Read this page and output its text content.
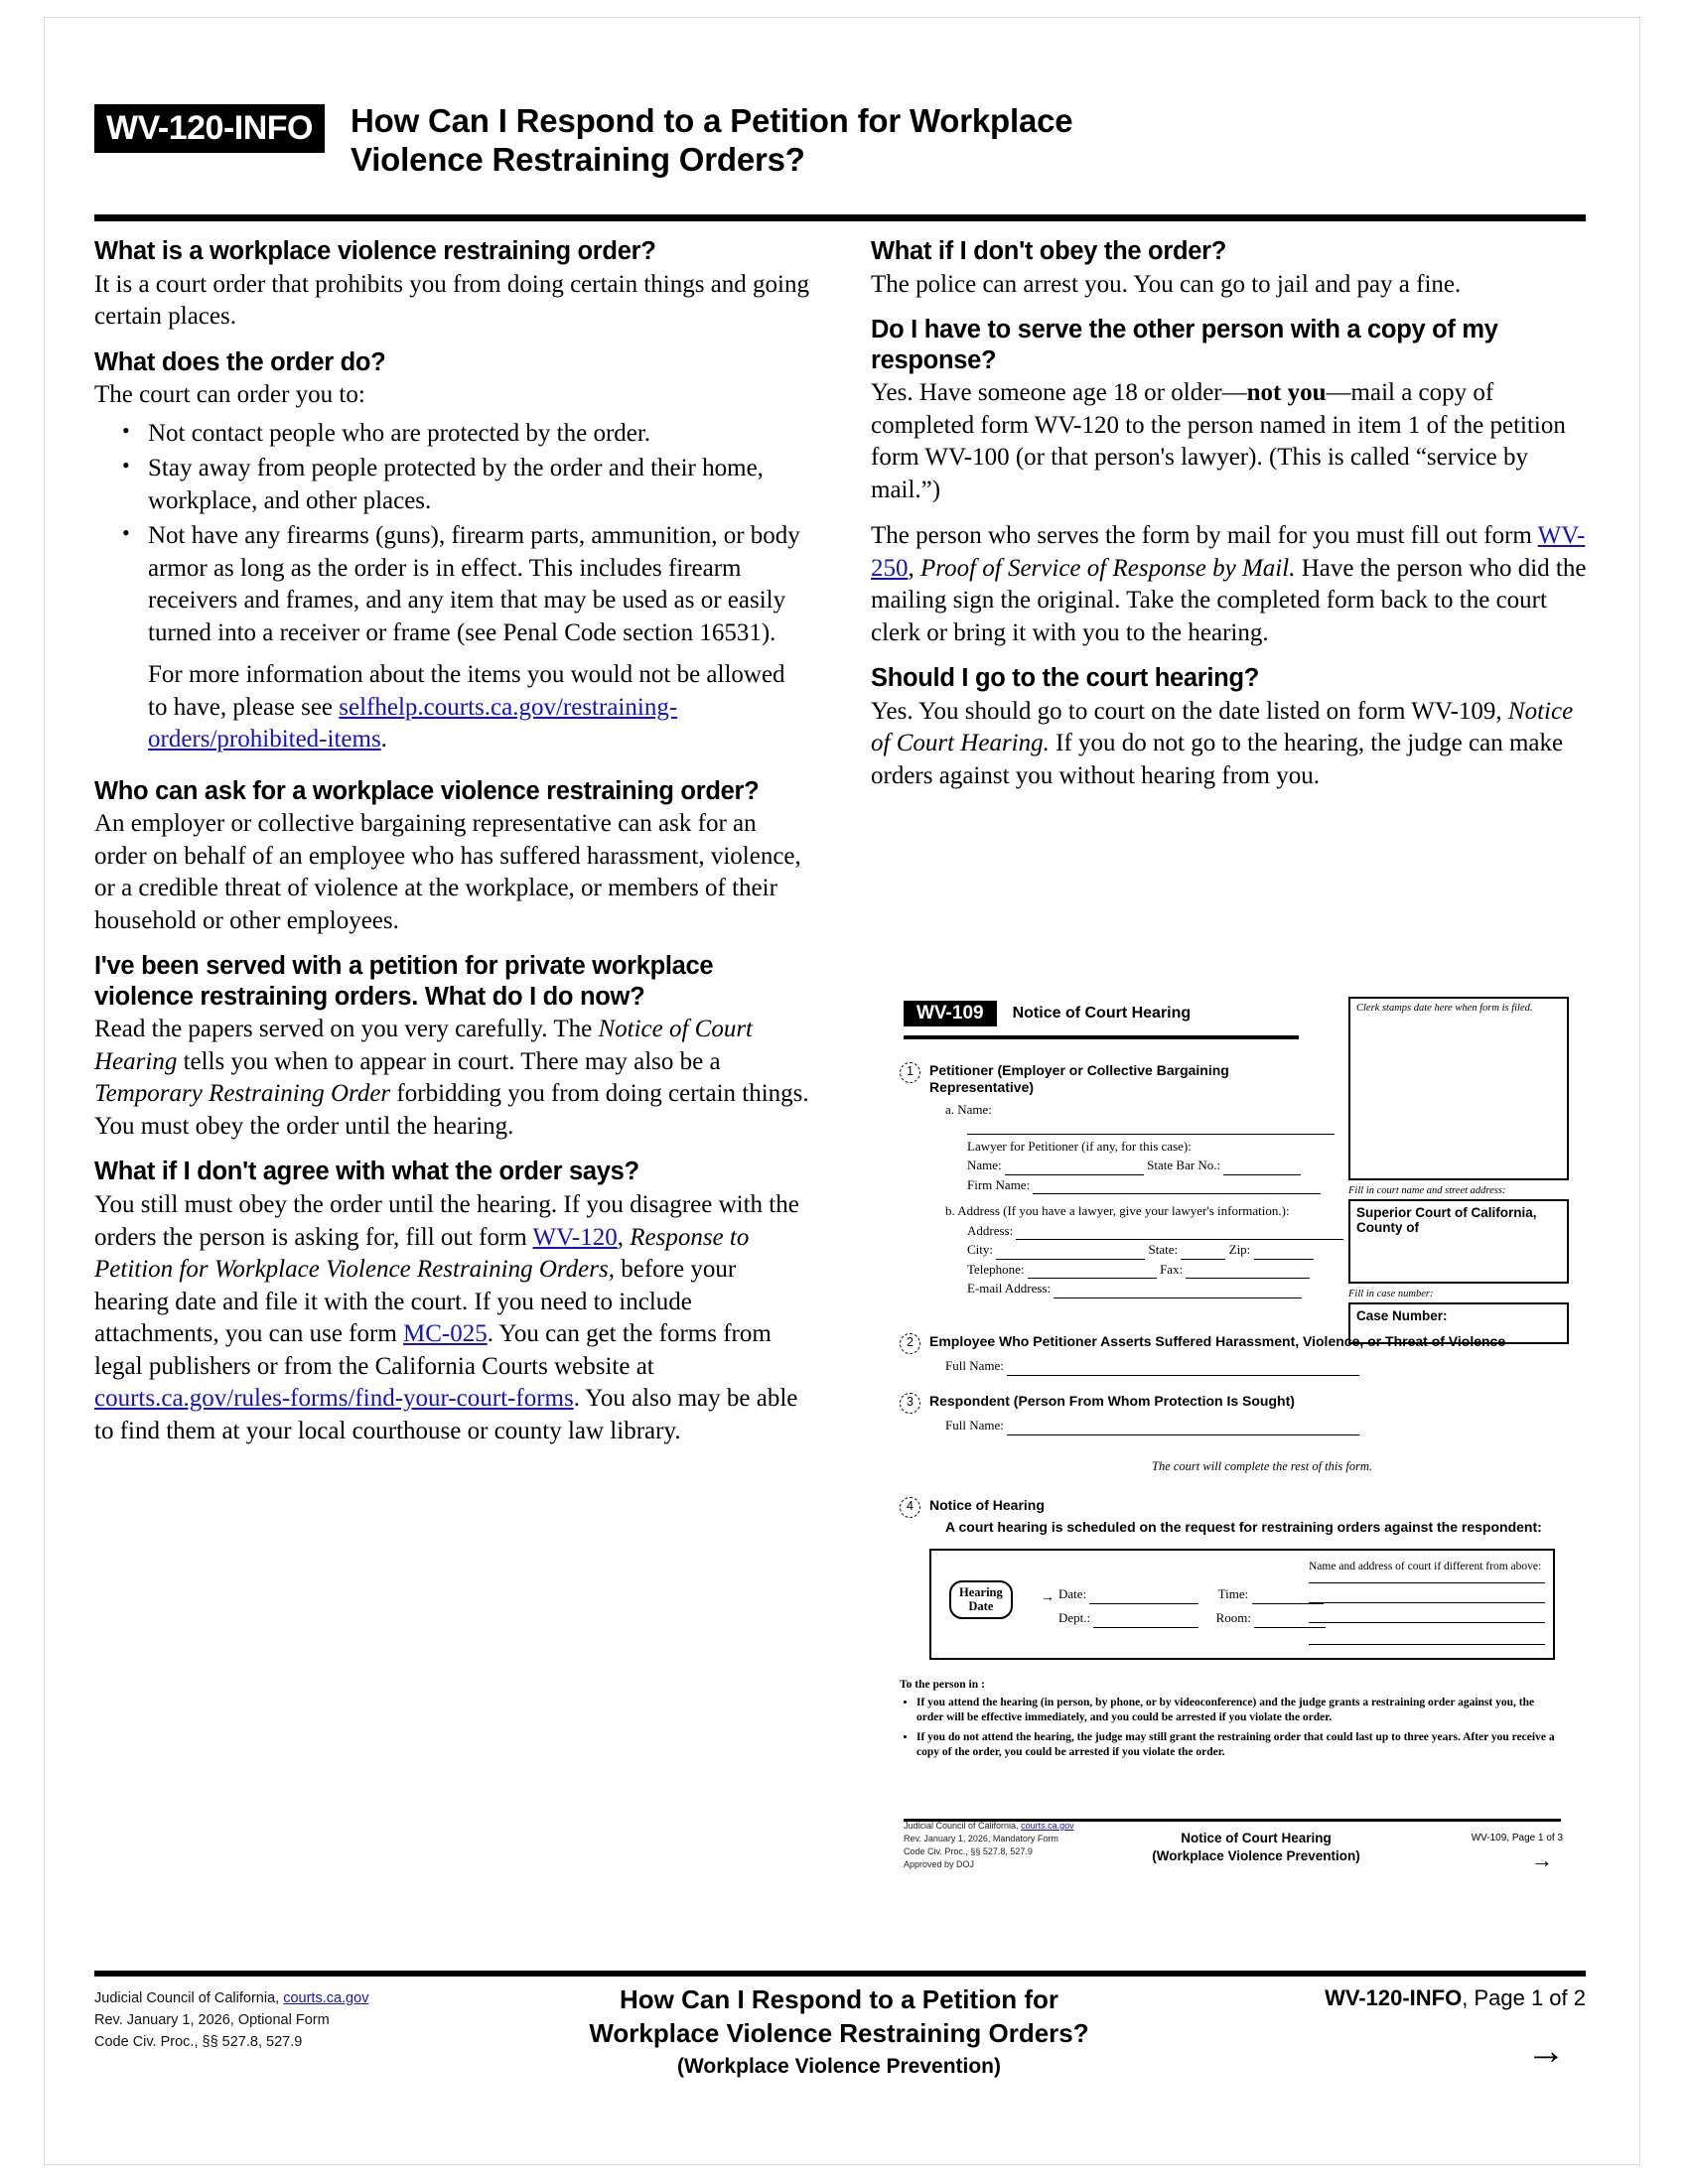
WV-120-INFO	How Can I Respond to a Petition for Workplace
Violence Restraining Orders?
What is a workplace violence restraining order?

It is a court order that prohibits you from doing certain things and going certain places.

What does the order do?

The court can order you to:

• Not contact people who are protected by the order.
• Stay away from people protected by the order and their home, workplace, and other places.
• Not have any firearms (guns), firearm parts, ammunition, or body armor as long as the order is in effect. This includes firearm receivers and frames, and any item that may be used as or easily turned into a receiver or frame (see Penal Code section 16531).
For more information about the items you would not be allowed to have, please see selfhelp.courts.ca.gov/restraining-orders/prohibited-items.
Who can ask for a workplace violence restraining order?

An employer or collective bargaining representative can ask for an order on behalf of an employee who has suffered harassment, violence, or a credible threat of violence at the workplace, or members of their household or other employees.

I've been served with a petition for private workplace violence restraining orders. What do I do now?

Read the papers served on you very carefully. The Notice of Court Hearing tells you when to appear in court. There may also be a Temporary Restraining Order forbidding you from doing certain things. You must obey the order until the hearing.

What if I don't agree with what the order says?

You still must obey the order until the hearing. If you disagree with the orders the person is asking for, fill out form WV-120, Response to Petition for Workplace Violence Restraining Orders, before your hearing date and file it with the court. If you need to include attachments, you can use form MC-025. You can get the forms from legal publishers or from the California Courts website at courts.ca.gov/rules-forms/find-your-court-forms. You also may be able to find them at your local courthouse or county law library.

What if I don't obey the order?

The police can arrest you. You can go to jail and pay a fine.

Do I have to serve the other person with a copy of my response?

Yes. Have someone age 18 or older—not you—mail a copy of completed form WV-120 to the person named in item 1 of the petition form WV-100 (or that person's lawyer). (This is called “service by mail.”)

The person who serves the form by mail for you must fill out form WV-250, Proof of Service of Response by Mail. Have the person who did the mailing sign the original. Take the completed form back to the court clerk or bring it with you to the hearing.

Should I go to the court hearing?

Yes. You should go to court on the date listed on form WV-109, Notice of Court Hearing. If you do not go to the hearing, the judge can make orders against you without hearing from you.

WV-109	Notice of Court Hearing	Clerk stamps date here when form is filed.
Fill in court name and street address:
Superior Court of California, County of
Fill in case number:
Case Number:
1	Petitioner (Employer or Collective Bargaining
Representative)
a. Name:
Lawyer for Petitioner (if any, for this case):
Name:	State Bar No.:
Firm Name:
b. Address (If you have a lawyer, give your lawyer's information.):
Address:
City:	State:	Zip:
Telephone:	Fax:
E-mail Address:
2	Employee Who Petitioner Asserts Suffered Harassment, Violence, or Threat of Violence
Full Name:
3	Respondent (Person From Whom Protection Is Sought)
Full Name:
The court will complete the rest of this form.
4	Notice of Hearing
A court hearing is scheduled on the request for restraining orders against the respondent:
Hearing
Date
→ Date:	Time:
Dept.:	Room:
Name and address of court if different from above:
To the person in :
• If you attend the hearing (in person, by phone, or by videoconference) and the judge grants a restraining order against you, the order will be effective immediately, and you could be arrested if you violate the order.
• If you do not attend the hearing, the judge may still grant the restraining order that could last up to three years. After you receive a copy of the order, you could be arrested if you violate the order.
Judicial Council of California, courts.ca.gov
Rev. January 1, 2026, Mandatory Form
Code Civ. Proc., §§ 527.8, 527.9
Approved by DOJ
Notice of Court Hearing
(Workplace Violence Prevention)
WV-109, Page 1 of 3
→
Judicial Council of California, courts.ca.gov
Rev. January 1, 2026, Optional Form
Code Civ. Proc., §§ 527.8, 527.9
How Can I Respond to a Petition for
Workplace Violence Restraining Orders?
(Workplace Violence Prevention)
WV-120-INFO, Page 1 of 2
→
